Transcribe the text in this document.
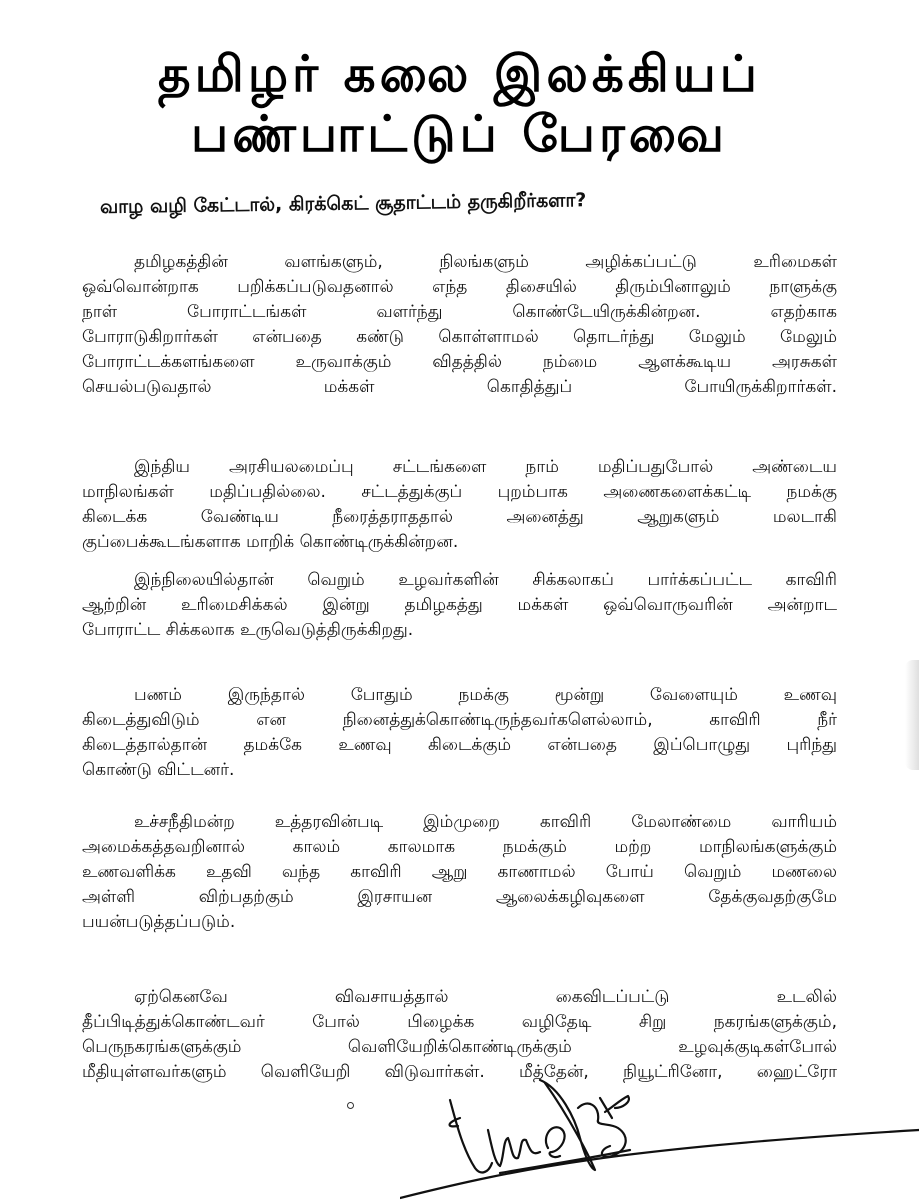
தமிழர் கலை இலக்கியப்
பண்பாட்டுப் பேரவை
வாழ வழி கேட்டால், கிரக்கெட் சூதாட்டம் தருகிறீர்களா?
தமிழகத்தின் வளங்களும், நிலங்களும் அழிக்கப்பட்டு உரிமைகள்
ஒவ்வொன்றாக பறிக்கப்படுவதனால் எந்த திசையில் திரும்பினாலும் நாளுக்கு
நாள் போராட்டங்கள் வளர்ந்து கொண்டேயிருக்கின்றன. எதற்காக
போராடுகிறார்கள் என்பதை கண்டு கொள்ளாமல் தொடர்ந்து மேலும் மேலும்
போராட்டக்களங்களை உருவாக்கும் விதத்தில் நம்மை ஆளக்கூடிய அரசுகள்
செயல்படுவதால் மக்கள் கொதித்துப் போயிருக்கிறார்கள்.
இந்திய அரசியலமைப்பு சட்டங்களை நாம் மதிப்பதுபோல் அண்டைய
மாநிலங்கள் மதிப்பதில்லை. சட்டத்துக்குப் புறம்பாக அணைகளைக்கட்டி நமக்கு
கிடைக்க வேண்டிய நீரைத்தராததால் அனைத்து ஆறுகளும் மலடாகி
குப்பைக்கூடங்களாக மாறிக் கொண்டிருக்கின்றன.
இந்நிலையில்தான் வெறும் உழவர்களின் சிக்கலாகப் பார்க்கப்பட்ட காவிரி
ஆற்றின் உரிமைசிக்கல் இன்று தமிழகத்து மக்கள் ஒவ்வொருவரின் அன்றாட
போராட்ட சிக்கலாக உருவெடுத்திருக்கிறது.
பணம் இருந்தால் போதும் நமக்கு மூன்று வேளையும் உணவு
கிடைத்துவிடும் என நினைத்துக்கொண்டிருந்தவர்களெல்லாம், காவிரி நீர்
கிடைத்தால்தான் தமக்கே உணவு கிடைக்கும் என்பதை இப்பொழுது புரிந்து
கொண்டு விட்டனர்.
உச்சநீதிமன்ற உத்தரவின்படி இம்முறை காவிரி மேலாண்மை வாரியம்
அமைக்கத்தவறினால் காலம் காலமாக நமக்கும் மற்ற மாநிலங்களுக்கும்
உணவளிக்க உதவி வந்த காவிரி ஆறு காணாமல் போய் வெறும் மணலை
அள்ளி விற்பதற்கும் இரசாயன ஆலைக்கழிவுகளை தேக்குவதற்குமே
பயன்படுத்தப்படும்.
ஏற்கெனவே விவசாயத்தால் கைவிடப்பட்டு உடலில்
தீப்பிடித்துக்கொண்டவர் போல் பிழைக்க வழிதேடி சிறு நகரங்களுக்கும்,
பெருநகரங்களுக்கும் வெளியேறிக்கொண்டிருக்கும் உழவுக்குடிகள்போல்
மீதியுள்ளவர்களும் வெளியேறி விடுவார்கள். மீத்தேன், நியூட்ரினோ, ஹைட்ரோ
